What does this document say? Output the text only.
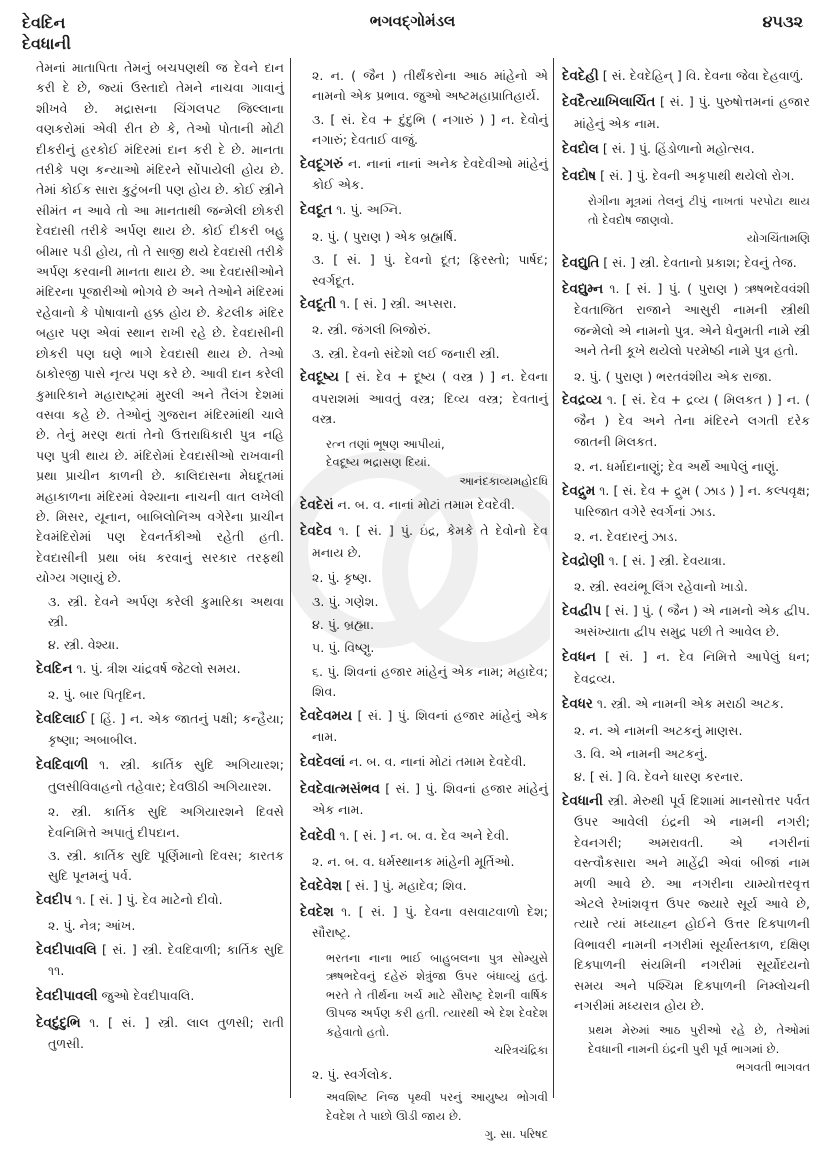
દેવદિન
દેવધાની
ભગવદ્ગોમંડલ	૪૫૩૨
તેમનાં માતાપિતા તેમનું બચપણથી જ દેવને દાન કરી દે છે, જ્યાં ઉસ્તાદો તેમને નાચવા ગાવાનું શીખવે છે. મદ્રાસના ચિંગલપટ જિલ્લાના વણકરોમાં એવી રીત છે કે, તેઓ પોતાની મોટી દીકરીનું હરકોઈ મંદિરમાં દાન કરી દે છે. માનતા તરીકે પણ કન્યાઓ મંદિરને સોંપાયેલી હોય છે. તેમાં કોઈક સારા કુટુંબની પણ હોય છે. કોઈ સ્ત્રીને સીમંત ન આવે તો આ માનતાથી જન્મેલી છોકરી દેવદાસી તરીકે અર્પણ થાય છે. કોઈ દીકરી બહુ બીમાર પડી હોય, તો તે સાજી થયે દેવદાસી તરીકે અર્પણ કરવાની માનતા થાય છે. આ દેવદાસીઓને મંદિરના પૂજારીઓ ભોગવે છે અને તેઓને મંદિરમાં રહેવાનો કે પોષાવાનો હક્ક હોય છે. કેટલીક મંદિર બહાર પણ એવાં સ્થાન રાખી રહે છે. દેવદાસીની છોકરી પણ ઘણે ભાગે દેવદાસી થાય છે. તેઓ ઠાકોરજી પાસે નૃત્ય પણ કરે છે. આવી દાન કરેલી કુમારિકાને મહારાષ્ટ્રમાં મુરલી અને તૈલંગ દેશમાં વસવા કહે છે. તેઓનું ગુજરાન મંદિરમાંથી ચાલે છે. તેનું મરણ થતાં તેનો ઉત્તરાધિકારી પુત્ર નહિ પણ પુત્રી થાય છે. મંદિરોમાં દેવદાસીઓ રાખવાની પ્રથા પ્રાચીન કાળની છે. કાલિદાસના મેઘદૂતમાં મહાકાળના મંદિરમાં વેશ્યાના નાચની વાત લખેલી છે. મિસર, યૂનાન, બાબિલોનિઅ વગેરેના પ્રાચીન દેવમંદિરોમાં પણ દેવનર્તકીઓ રહેતી હતી. દેવદાસીની પ્રથા બંધ કરવાનું સરકાર તરફથી યોગ્ય ગણાયું છે.
૩. સ્ત્રી. દેવને અર્પણ કરેલી કુમારિકા અથવા સ્ત્રી.
૪. સ્ત્રી. વેશ્યા.
દેવદિન ૧. પું. ત્રીશ ચાંદ્રવર્ષ જેટલો સમય.
૨. પું. બાર પિતૃદિન.
દેવદિલાઈ [ હિં. ] ન. એક જાતનું પક્ષી; કન્હૈયા; કૃષ્ણા; અબાબીલ.
દેવદિવાળી ૧. સ્ત્રી. કાર્તિક સુદિ અગિયારશ; તુલસીવિવાહનો તહેવાર; દેવઊઠી અગિયારશ.
૨. સ્ત્રી. કાર્તિક સુદિ અગિયારશને દિવસે દેવનિમિત્તે અપાતું દીપદાન.
૩. સ્ત્રી. કાર્તિક સુદિ પૂર્ણિમાનો દિવસ; કારતક સુદિ પૂનમનું પર્વ.
દેવદીપ ૧. [ સં. ] પું. દેવ માટેનો દીવો.
૨. પું. નેત્ર; આંખ.
દેવદીપાવલિ [ સં. ] સ્ત્રી. દેવદિવાળી; કાર્તિક સુદિ ૧૧.
દેવદીપાવલી જુઓ દેવદીપાવલિ.
દેવદુંદુભિ ૧. [ સં. ] સ્ત્રી. લાલ તુળસી; રાતી તુળસી.
૨. ન. ( જૈન ) તીર્થંકરોના આઠ માંહેનો એ નામનો એક પ્રભાવ. જુઓ અષ્ટમહાપ્રાતિહાર્ય.
૩. [ સં. દેવ + દુંદુભિ ( નગારું ) ] ન. દેવોનું નગારું; દેવતાઈ વાજું.
દેવદૂગરું ન. નાનાં નાનાં અનેક દેવદેવીઓ માંહેનું કોઈ એક.
દેવદૂત ૧. પું. અગ્નિ.
૨. પું. ( પુરાણ ) એક બ્રહ્મર્ષિ.
૩. [ સં. ] પું. દેવનો દૂત; ફિરસ્તો; પાર્ષદ; સ્વર્ગદૂત.
દેવદૂતી ૧. [ સં. ] સ્ત્રી. અપ્સરા.
૨. સ્ત્રી. જંગલી બિજોરું.
૩. સ્ત્રી. દેવનો સંદેશો લઈ જનારી સ્ત્રી.
દેવદૂષ્ય [ સં. દેવ + દૂષ્ય ( વસ્ત્ર ) ] ન. દેવના વપરાશમાં આવતું વસ્ત્ર; દિવ્ય વસ્ત્ર; દેવતાનું વસ્ત્ર.
રત્ન તણાં ભૂષણ આપીયાં,
દેવદૂષ્ય ભદ્રાસણ દિયાં.
આનંદકાવ્યમહોદધિ
દેવદેરાં ન. બ. વ. નાનાં મોટાં તમામ દેવદેવી.
દેવદેવ ૧. [ સં. ] પું. ઇંદ્ર, કેમકે તે દેવોનો દેવ મનાય છે.
૨. પું. કૃષ્ણ.
૩. પું. ગણેશ.
૪. પું. બ્રહ્મા.
૫. પું. વિષ્ણુ.
૬. પું. શિવનાં હજાર માંહેનું એક નામ; મહાદેવ; શિવ.
દેવદેવમય [ સં. ] પું. શિવનાં હજાર માંહેનું એક નામ.
દેવદેવલાં ન. બ. વ. નાનાં મોટાં તમામ દેવદેવી.
દેવદેવાત્મસંભવ [ સં. ] પું. શિવનાં હજાર માંહેનું એક નામ.
દેવદેવી ૧. [ સં. ] ન. બ. વ. દેવ અને દેવી.
૨. ન. બ. વ. ધર્મસ્થાનક માંહેની મૂર્તિઓ.
દેવદેવેશ [ સં. ] પું. મહાદેવ; શિવ.
દેવદેશ ૧. [ સં. ] પું. દેવના વસવાટવાળો દેશ; સૌરાષ્ટ્ર.
ભરતના નાના ભાઈ બાહુબલના પુત્ર સોમ્યુસે ઋષભદેવનું દહેરું શેત્રુંજા ઉપર બંધાવ્યું હતું. ભરતે તે તીર્થના ખર્ચ માટે સૌરાષ્ટ્ર દેશની વાર્ષિક ઊપજ અર્પણ કરી હતી. ત્યારથી એ દેશ દેવદેશ કહેવાતો હતો.
ચરિત્રચંદ્રિકા
૨. પું. સ્વર્ગલોક.
અવશિષ્ટ નિજ પૃથ્વી પરનું આયુષ્ય ભોગવી દેવદેશ તે પાછો ઊડી જાય છે.
ગુ. સા. પરિષદ
દેવદેહી [ સં. દેવદેહિન્ ] વિ. દેવના જેવા દેહવાળું.
દેવદૈત્યાખિલાર્ચિત [ સં. ] પું. પુરુષોત્તમનાં હજાર માંહેનું એક નામ.
દેવદોલ [ સં. ] પું. હિંડોળાનો મહોત્સવ.
દેવદોષ [ સં. ] પું. દેવની અકૃપાથી થયેલો રોગ.
રોગીના મૂત્રમાં તેલનું ટીપું નાખતાં પરપોટા થાય તો દેવદોષ જાણવો.
યોગચિંતામણિ
દેવદ્યુતિ [ સં. ] સ્ત્રી. દેવતાનો પ્રકાશ; દેવનું તેજ.
દેવદ્યુમ્ન ૧. [ સં. ] પું. ( પુરાણ ) ઋષભદેવવંશી દેવતાજિત રાજાને આસુરી નામની સ્ત્રીથી જન્મેલો એ નામનો પુત્ર. એને ધેનુમતી નામે સ્ત્રી અને તેની કૂખે થયેલો પરમેષ્ઠી નામે પુત્ર હતો.
૨. પું. ( પુરાણ ) ભરતવંશીય એક રાજા.
દેવદ્રવ્ય ૧. [ સં. દેવ + દ્રવ્ય ( મિલકત ) ] ન. ( જૈન ) દેવ અને તેના મંદિરને લગતી દરેક જાતની મિલકત.
૨. ન. ધર્માદાનાણું; દેવ અર્થે આપેલું નાણું.
દેવદ્રુમ ૧. [ સં. દેવ + દ્રુમ ( ઝાડ ) ] ન. કલ્પવૃક્ષ; પારિજાત વગેરે સ્વર્ગનાં ઝાડ.
૨. ન. દેવદારનું ઝાડ.
દેવદ્રોણી ૧. [ સં. ] સ્ત્રી. દેવયાત્રા.
૨. સ્ત્રી. સ્વયંભૂ લિંગ રહેવાનો ખાડો.
દેવદ્વીપ [ સં. ] પું. ( જૈન ) એ નામનો એક દ્વીપ. અસંખ્યાતા દ્વીપ સમુદ્ર પછી તે આવેલ છે.
દેવધન [ સં. ] ન. દેવ નિમિત્તે આપેલું ધન; દેવદ્રવ્ય.
દેવધર ૧. સ્ત્રી. એ નામની એક મરાઠી અટક.
૨. ન. એ નામની અટકનું માણસ.
૩. વિ. એ નામની અટકનું.
૪. [ સં. ] વિ. દેવને ધારણ કરનાર.
દેવધાની સ્ત્રી. મેરુથી પૂર્વ દિશામાં માનસોત્તર પર્વત ઉપર આવેલી ઇંદ્રની એ નામની નગરી; દેવનગરી; અમરાવતી. એ નગરીનાં વસ્ત્વૌકસારા અને માહેંદ્રી એવાં બીજાં નામ મળી આવે છે. આ નગરીના યામ્યોત્તરવૃત્ત એટલે રેખાંશવૃત્ત ઉપર જ્યારે સૂર્ય આવે છે, ત્યારે ત્યાં મધ્યાહ્ન હોઈને ઉત્તર દિક્પાળની વિભાવરી નામની નગરીમાં સૂર્યાસ્તકાળ, દક્ષિણ દિક્પાળની સંયમિની નગરીમાં સૂર્યોદયનો સમય અને પશ્ચિમ દિક્પાળની નિમ્લોચની નગરીમાં મધ્યરાત્ર હોય છે.
પ્રથમ મેરુમાં આઠ પુરીઓ રહે છે, તેઓમાં દેવધાની નામની ઇંદ્રની પુરી પૂર્વ ભાગમાં છે.
ભગવતી ભાગવત
